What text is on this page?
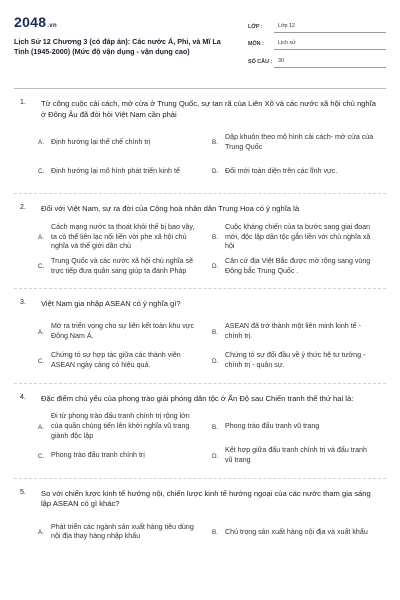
2048.vn
Lịch Sử 12 Chương 3 (có đáp án): Các nước Á, Phi, và Mĩ La Tinh (1945-2000) (Mức độ vận dụng - vận dụng cao)
LỚP :	Lớp 12
MÔN :	Lịch sử
SỐ CÂU :	30
1. Từ công cuộc cải cách, mở cửa ở Trung Quốc, sự tan rã của Liên Xô và các nước xã hội chủ nghĩa ở Đông Âu đã đòi hỏi Việt Nam cần phải
A. Định hướng lại thể chế chính trị	B.
Dập khuôn theo mô hình cải cách- mở cửa của Trung Quốc
C. Định hướng lại mô hình phát triển kinh tế	D. Đổi mới toàn diện trên các lĩnh vực.
2. Đối với Việt Nam, sự ra đời của Cộng hoà nhân dân Trung Hoa có ý nghĩa là
A.
Cách mạng nước ta thoát khỏi thế bị bao vây, ta có thể liên lạc nối liền với phe xã hội chủ nghĩa và thế giới dân chủ
B.
Cuộc kháng chiến của ta bước sang giai đoạn mới, độc lập dân tộc gắn liền với chủ nghĩa xã hội
C.
Trung Quốc và các nước xã hội chủ nghĩa sẽ trực tiếp đưa quân sang giúp ta đánh Pháp	D.
Căn cứ địa Việt Bắc được mở rộng sang vùng Đông bắc Trung Quốc .
3. Việt Nam gia nhập ASEAN có ý nghĩa gì?
A.
Mở ra triển vọng cho sự liên kết toàn khu vực Đông Nam Á.	B.
ASEAN đã trở thành một liên minh kinh tế - chính trị.
C.
Chứng tỏ sự hợp tác giữa các thành viên ASEAN ngày càng có hiệu quả.	D.
Chứng tỏ sự đối đầu về ý thức hệ tư tưởng - chính trị - quân sự.
4. Đặc điểm chủ yếu của phong trào giải phóng dân tộc ở Ấn Độ sau Chiến tranh thế thứ hai là:
A.
Đi từ phong trào đấu tranh chính trị rộng lớn của quần chúng tiến lên khởi nghĩa vũ trang giành độc lập
B. Phong trào đấu tranh vũ trang
C. Phong trào đấu tranh chính trị	D.
Kết hợp giữa đấu tranh chính trị và đấu tranh vũ trang
5. So với chiến lược kinh tế hướng nội, chiến lược kinh tế hướng ngoại của các nước tham gia sáng lập ASEAN có gì khác?
A.
Phát triển các ngành sản xuất hàng tiêu dùng nội địa thay hàng nhập khẩu
B. Chú trọng sản xuất hàng nội địa và xuất khẩu
